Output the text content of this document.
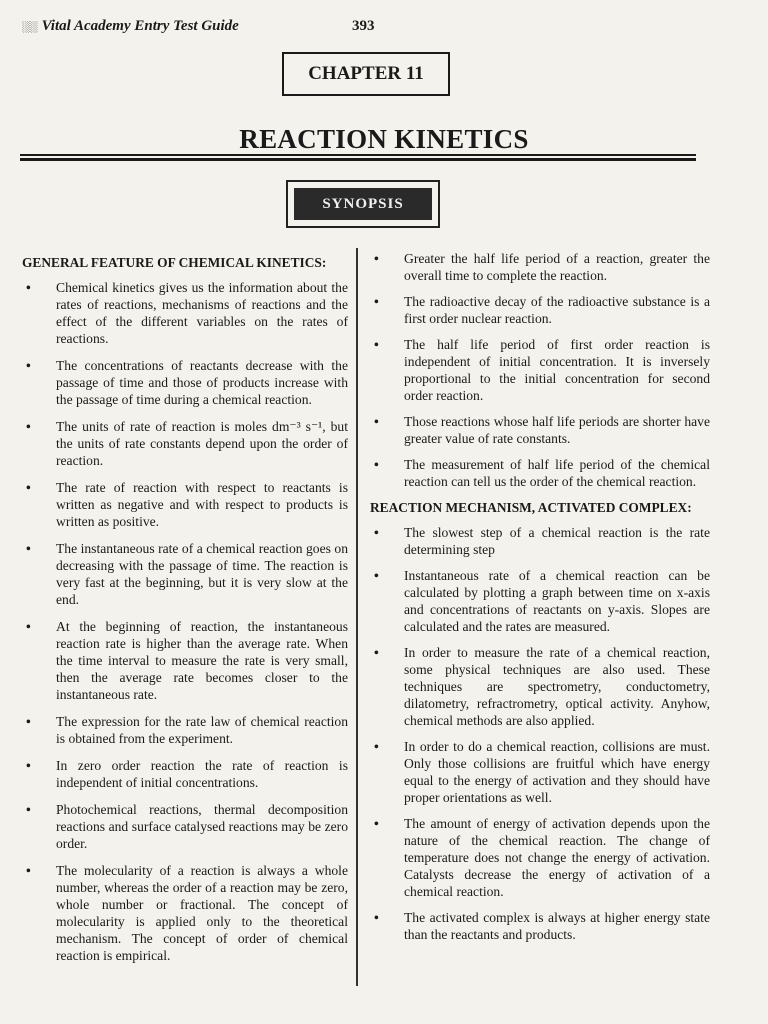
░░ Vital Academy Entry Test Guide	393
CHAPTER 11
REACTION KINETICS
SYNOPSIS
GENERAL FEATURE OF CHEMICAL KINETICS:
• Chemical kinetics gives us the information about the rates of reactions, mechanisms of reactions and the effect of the different variables on the rates of reactions.
• The concentrations of reactants decrease with the passage of time and those of products increase with the passage of time during a chemical reaction.
• The units of rate of reaction is moles dm⁻³ s⁻¹, but the units of rate constants depend upon the order of reaction.
• The rate of reaction with respect to reactants is written as negative and with respect to products is written as positive.
• The instantaneous rate of a chemical reaction goes on decreasing with the passage of time. The reaction is very fast at the beginning, but it is very slow at the end.
• At the beginning of reaction, the instantaneous reaction rate is higher than the average rate. When the time interval to measure the rate is very small, then the average rate becomes closer to the instantaneous rate.
• The expression for the rate law of chemical reaction is obtained from the experiment.
• In zero order reaction the rate of reaction is independent of initial concentrations.
• Photochemical reactions, thermal decomposition reactions and surface catalysed reactions may be zero order.
• The molecularity of a reaction is always a whole number, whereas the order of a reaction may be zero, whole number or fractional. The concept of molecularity is applied only to the theoretical mechanism. The concept of order of chemical reaction is empirical.
• Greater the half life period of a reaction, greater the overall time to complete the reaction.
• The radioactive decay of the radioactive substance is a first order nuclear reaction.
• The half life period of first order reaction is independent of initial concentration. It is inversely proportional to the initial concentration for second order reaction.
• Those reactions whose half life periods are shorter have greater value of rate constants.
• The measurement of half life period of the chemical reaction can tell us the order of the chemical reaction.
REACTION MECHANISM, ACTIVATED COMPLEX:
• The slowest step of a chemical reaction is the rate determining step
• Instantaneous rate of a chemical reaction can be calculated by plotting a graph between time on x-axis and concentrations of reactants on y-axis. Slopes are calculated and the rates are measured.
• In order to measure the rate of a chemical reaction, some physical techniques are also used. These techniques are spectrometry, conductometry, dilatometry, refractrometry, optical activity. Anyhow, chemical methods are also applied.
• In order to do a chemical reaction, collisions are must. Only those collisions are fruitful which have energy equal to the energy of activation and they should have proper orientations as well.
• The amount of energy of activation depends upon the nature of the chemical reaction. The change of temperature does not change the energy of activation. Catalysts decrease the energy of activation of a chemical reaction.
• The activated complex is always at higher energy state than the reactants and products.
